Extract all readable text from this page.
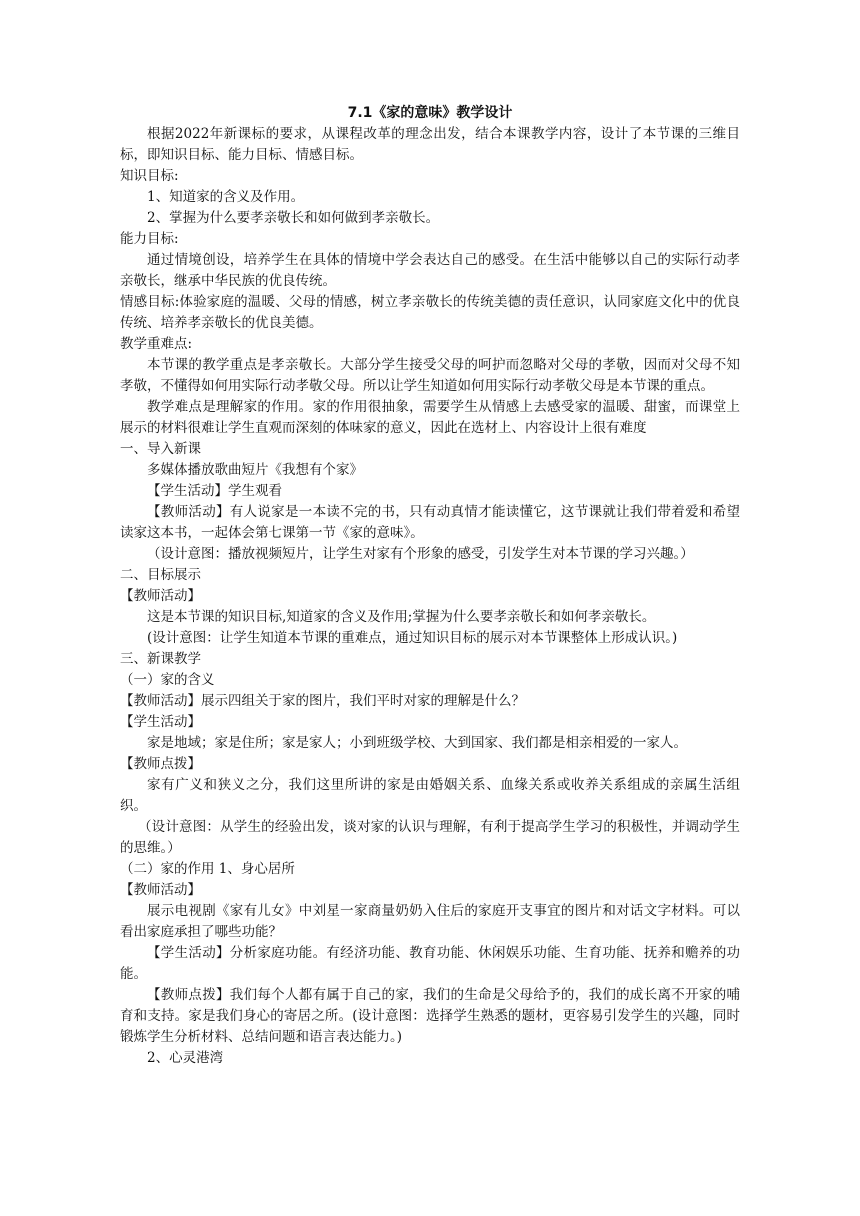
7.1《家的意味》教学设计

根据2022年新课标的要求，从课程改革的理念出发，结合本课教学内容，设计了本节课的三维目标，即知识目标、能力目标、情感目标。

知识目标:

1、知道家的含义及作用。

2、掌握为什么要孝亲敬长和如何做到孝亲敬长。

能力目标:

通过情境创设，培养学生在具体的情境中学会表达自己的感受。在生活中能够以自己的实际行动孝亲敬长，继承中华民族的优良传统。

情感目标:体验家庭的温暖、父母的情感，树立孝亲敬长的传统美德的责任意识，认同家庭文化中的优良传统、培养孝亲敬长的优良美德。

教学重难点:

本节课的教学重点是孝亲敬长。大部分学生接受父母的呵护而忽略对父母的孝敬，因而对父母不知孝敬，不懂得如何用实际行动孝敬父母。所以让学生知道如何用实际行动孝敬父母是本节课的重点。

教学难点是理解家的作用。家的作用很抽象，需要学生从情感上去感受家的温暖、甜蜜，而课堂上展示的材料很难让学生直观而深刻的体味家的意义，因此在选材上、内容设计上很有难度

一、导入新课

多媒体播放歌曲短片《我想有个家》

【学生活动】学生观看

【教师活动】有人说家是一本读不完的书，只有动真情才能读懂它，这节课就让我们带着爱和希望读家这本书，一起体会第七课第一节《家的意味》。

（设计意图：播放视频短片，让学生对家有个形象的感受，引发学生对本节课的学习兴趣。）

二、目标展示

【教师活动】

这是本节课的知识目标,知道家的含义及作用;掌握为什么要孝亲敬长和如何孝亲敬长。

(设计意图：让学生知道本节课的重难点，通过知识目标的展示对本节课整体上形成认识。)

三、新课教学

（一）家的含义

【教师活动】展示四组关于家的图片，我们平时对家的理解是什么？

【学生活动】

家是地域；家是住所；家是家人；小到班级学校、大到国家、我们都是相亲相爱的一家人。

【教师点拨】

家有广义和狭义之分，我们这里所讲的家是由婚姻关系、血缘关系或收养关系组成的亲属生活组织。

（设计意图：从学生的经验出发，谈对家的认识与理解，有利于提高学生学习的积极性，并调动学生的思维。）

（二）家的作用 1、身心居所

【教师活动】

展示电视剧《家有儿女》中刘星一家商量奶奶入住后的家庭开支事宜的图片和对话文字材料。可以看出家庭承担了哪些功能？

【学生活动】分析家庭功能。有经济功能、教育功能、休闲娱乐功能、生育功能、抚养和赡养的功能。

【教师点拨】我们每个人都有属于自己的家，我们的生命是父母给予的，我们的成长离不开家的哺育和支持。家是我们身心的寄居之所。(设计意图：选择学生熟悉的题材，更容易引发学生的兴趣，同时锻炼学生分析材料、总结问题和语言表达能力。)

2、心灵港湾
